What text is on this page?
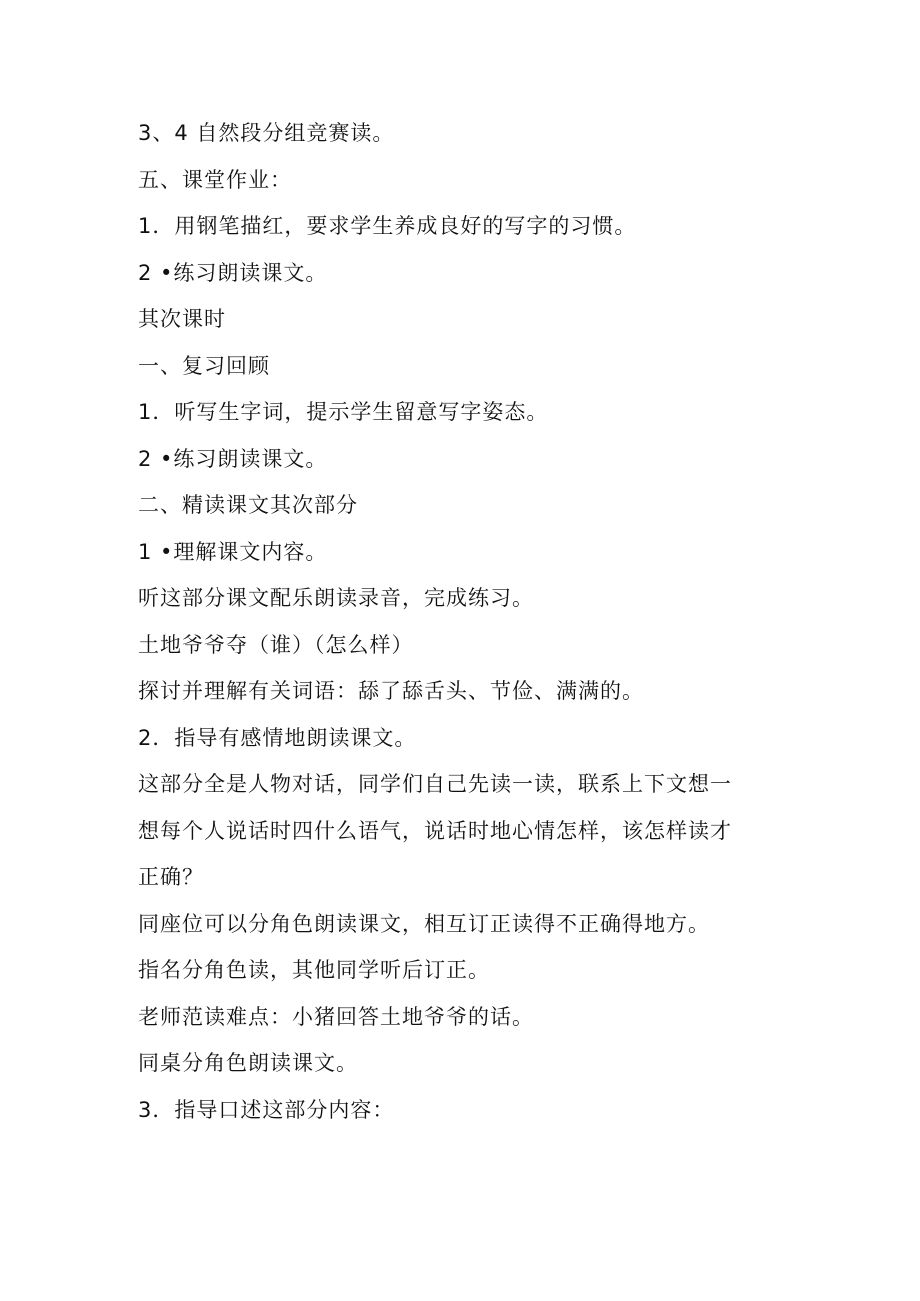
3、4 自然段分组竞赛读。
五、课堂作业：
1．用钢笔描红，要求学生养成良好的写字的习惯。
2 •练习朗读课文。
其次课时
一、复习回顾
1．听写生字词，提示学生留意写字姿态。
2 •练习朗读课文。
二、精读课文其次部分
1 •理解课文内容。
听这部分课文配乐朗读录音，完成练习。
土地爷爷夺（谁）（怎么样）
探讨并理解有关词语：舔了舔舌头、节俭、满满的。
2．指导有感情地朗读课文。
这部分全是人物对话，同学们自己先读一读，联系上下文想一
想每个人说话时四什么语气，说话时地心情怎样，该怎样读才
正确？
同座位可以分角色朗读课文，相互订正读得不正确得地方。
指名分角色读，其他同学听后订正。
老师范读难点：小猪回答土地爷爷的话。
同桌分角色朗读课文。
3．指导口述这部分内容：
